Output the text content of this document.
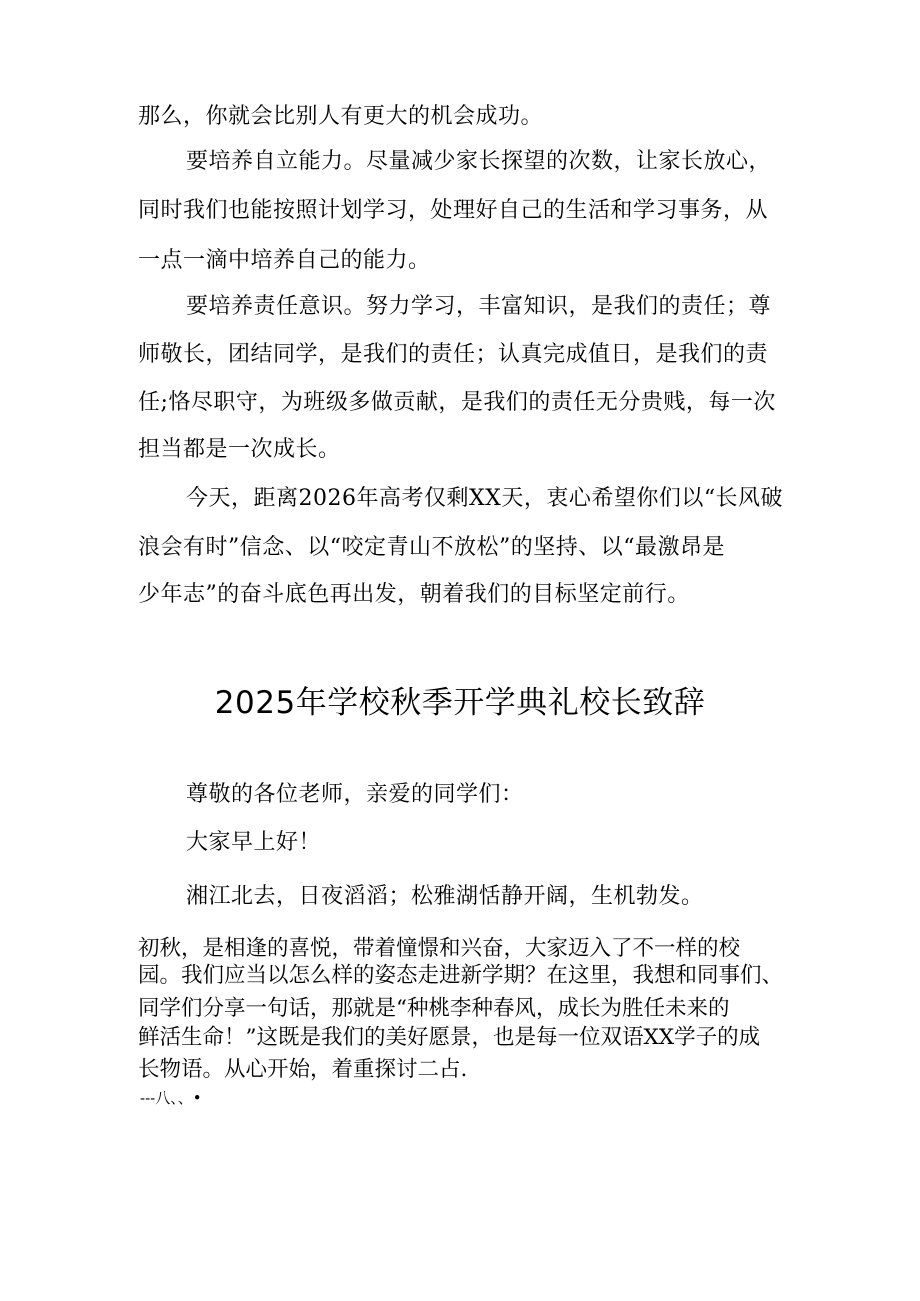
那么，你就会比别人有更大的机会成功。
要培养自立能力。尽量减少家长探望的次数，让家长放心，
同时我们也能按照计划学习，处理好自己的生活和学习事务，从
一点一滴中培养自己的能力。
要培养责任意识。努力学习，丰富知识，是我们的责任；尊
师敬长，团结同学，是我们的责任；认真完成值日，是我们的责
任;恪尽职守，为班级多做贡献，是我们的责任无分贵贱，每一次
担当都是一次成长。
今天，距离2026年高考仅剩XX天，衷心希望你们以“长风破
浪会有时”信念、以“咬定青山不放松”的坚持、以“最激昂是
少年志”的奋斗底色再出发，朝着我们的目标坚定前行。
2025年学校秋季开学典礼校长致辞
尊敬的各位老师，亲爱的同学们：
大家早上好！
湘江北去，日夜滔滔；松雅湖恬静开阔，生机勃发。
初秋，是相逢的喜悦，带着憧憬和兴奋，大家迈入了不一样的校
园。我们应当以怎么样的姿态走进新学期？在这里，我想和同事们、
同学们分享一句话，那就是“种桃李种春风，成长为胜任未来的
鲜活生命！”这既是我们的美好愿景，也是每一位双语XX学子的成
长物语。从心开始，着重探讨二占.
---八、、•
